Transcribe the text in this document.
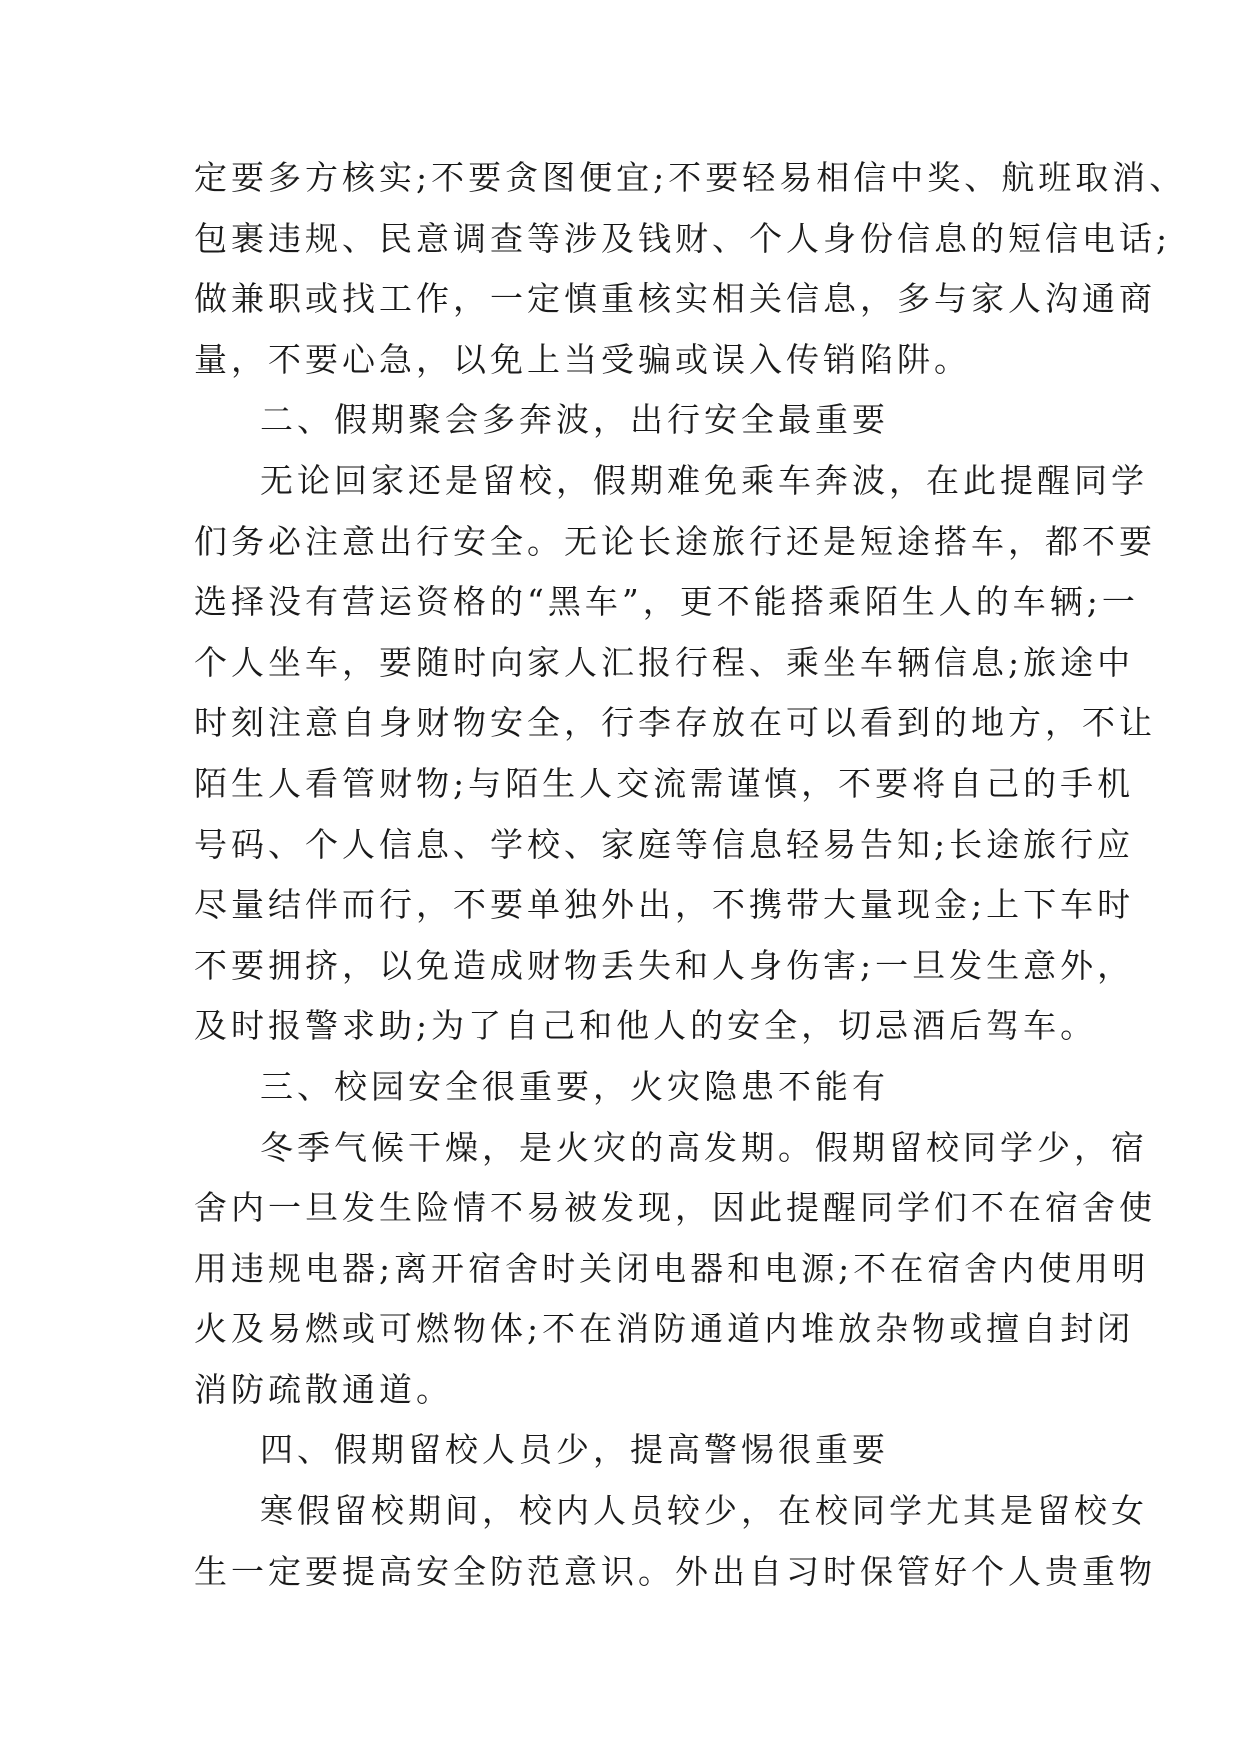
定要多方核实;不要贪图便宜;不要轻易相信中奖、航班取消、
包裹违规、民意调查等涉及钱财、个人身份信息的短信电话;
做兼职或找工作，一定慎重核实相关信息，多与家人沟通商
量，不要心急，以免上当受骗或误入传销陷阱。
二、假期聚会多奔波，出行安全最重要
无论回家还是留校，假期难免乘车奔波，在此提醒同学
们务必注意出行安全。无论长途旅行还是短途搭车，都不要
选择没有营运资格的“黑车”，更不能搭乘陌生人的车辆;一
个人坐车，要随时向家人汇报行程、乘坐车辆信息;旅途中
时刻注意自身财物安全，行李存放在可以看到的地方，不让
陌生人看管财物;与陌生人交流需谨慎，不要将自己的手机
号码、个人信息、学校、家庭等信息轻易告知;长途旅行应
尽量结伴而行，不要单独外出，不携带大量现金;上下车时
不要拥挤，以免造成财物丢失和人身伤害;一旦发生意外，
及时报警求助;为了自己和他人的安全，切忌酒后驾车。
三、校园安全很重要，火灾隐患不能有
冬季气候干燥，是火灾的高发期。假期留校同学少，宿
舍内一旦发生险情不易被发现，因此提醒同学们不在宿舍使
用违规电器;离开宿舍时关闭电器和电源;不在宿舍内使用明
火及易燃或可燃物体;不在消防通道内堆放杂物或擅自封闭
消防疏散通道。
四、假期留校人员少，提高警惕很重要
寒假留校期间，校内人员较少，在校同学尤其是留校女
生一定要提高安全防范意识。外出自习时保管好个人贵重物
